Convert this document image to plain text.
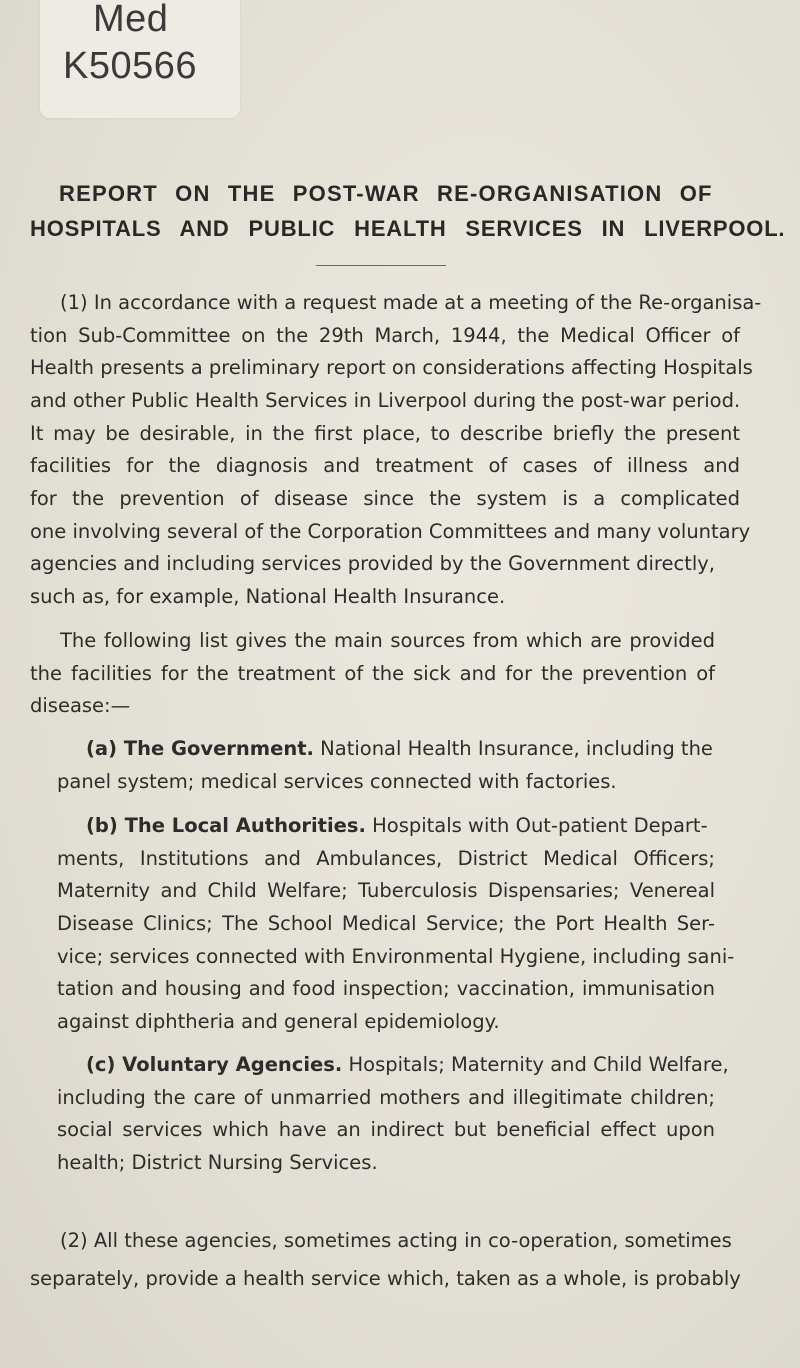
Med
K50566
REPORT ON THE POST-WAR RE-ORGANISATION OF
HOSPITALS AND PUBLIC HEALTH SERVICES IN LIVERPOOL.
(1) In accordance with a request made at a meeting of the Re-organisa-
tion Sub-Committee on the 29th March, 1944, the Medical Officer of
Health presents a preliminary report on considerations affecting Hospitals
and other Public Health Services in Liverpool during the post-war period.
It may be desirable, in the first place, to describe briefly the present
facilities for the diagnosis and treatment of cases of illness and
for the prevention of disease since the system is a complicated
one involving several of the Corporation Committees and many voluntary
agencies and including services provided by the Government directly,
such as, for example, National Health Insurance.
The following list gives the main sources from which are provided
the facilities for the treatment of the sick and for the prevention of
disease:—
(a) The Government. National Health Insurance, including the
panel system; medical services connected with factories.
(b) The Local Authorities. Hospitals with Out-patient Depart-
ments, Institutions and Ambulances, District Medical Officers;
Maternity and Child Welfare; Tuberculosis Dispensaries; Venereal
Disease Clinics; The School Medical Service; the Port Health Ser-
vice; services connected with Environmental Hygiene, including sani-
tation and housing and food inspection; vaccination, immunisation
against diphtheria and general epidemiology.
(c) Voluntary Agencies. Hospitals; Maternity and Child Welfare,
including the care of unmarried mothers and illegitimate children;
social services which have an indirect but beneficial effect upon
health; District Nursing Services.
(2) All these agencies, sometimes acting in co-operation, sometimes
separately, provide a health service which, taken as a whole, is probably
